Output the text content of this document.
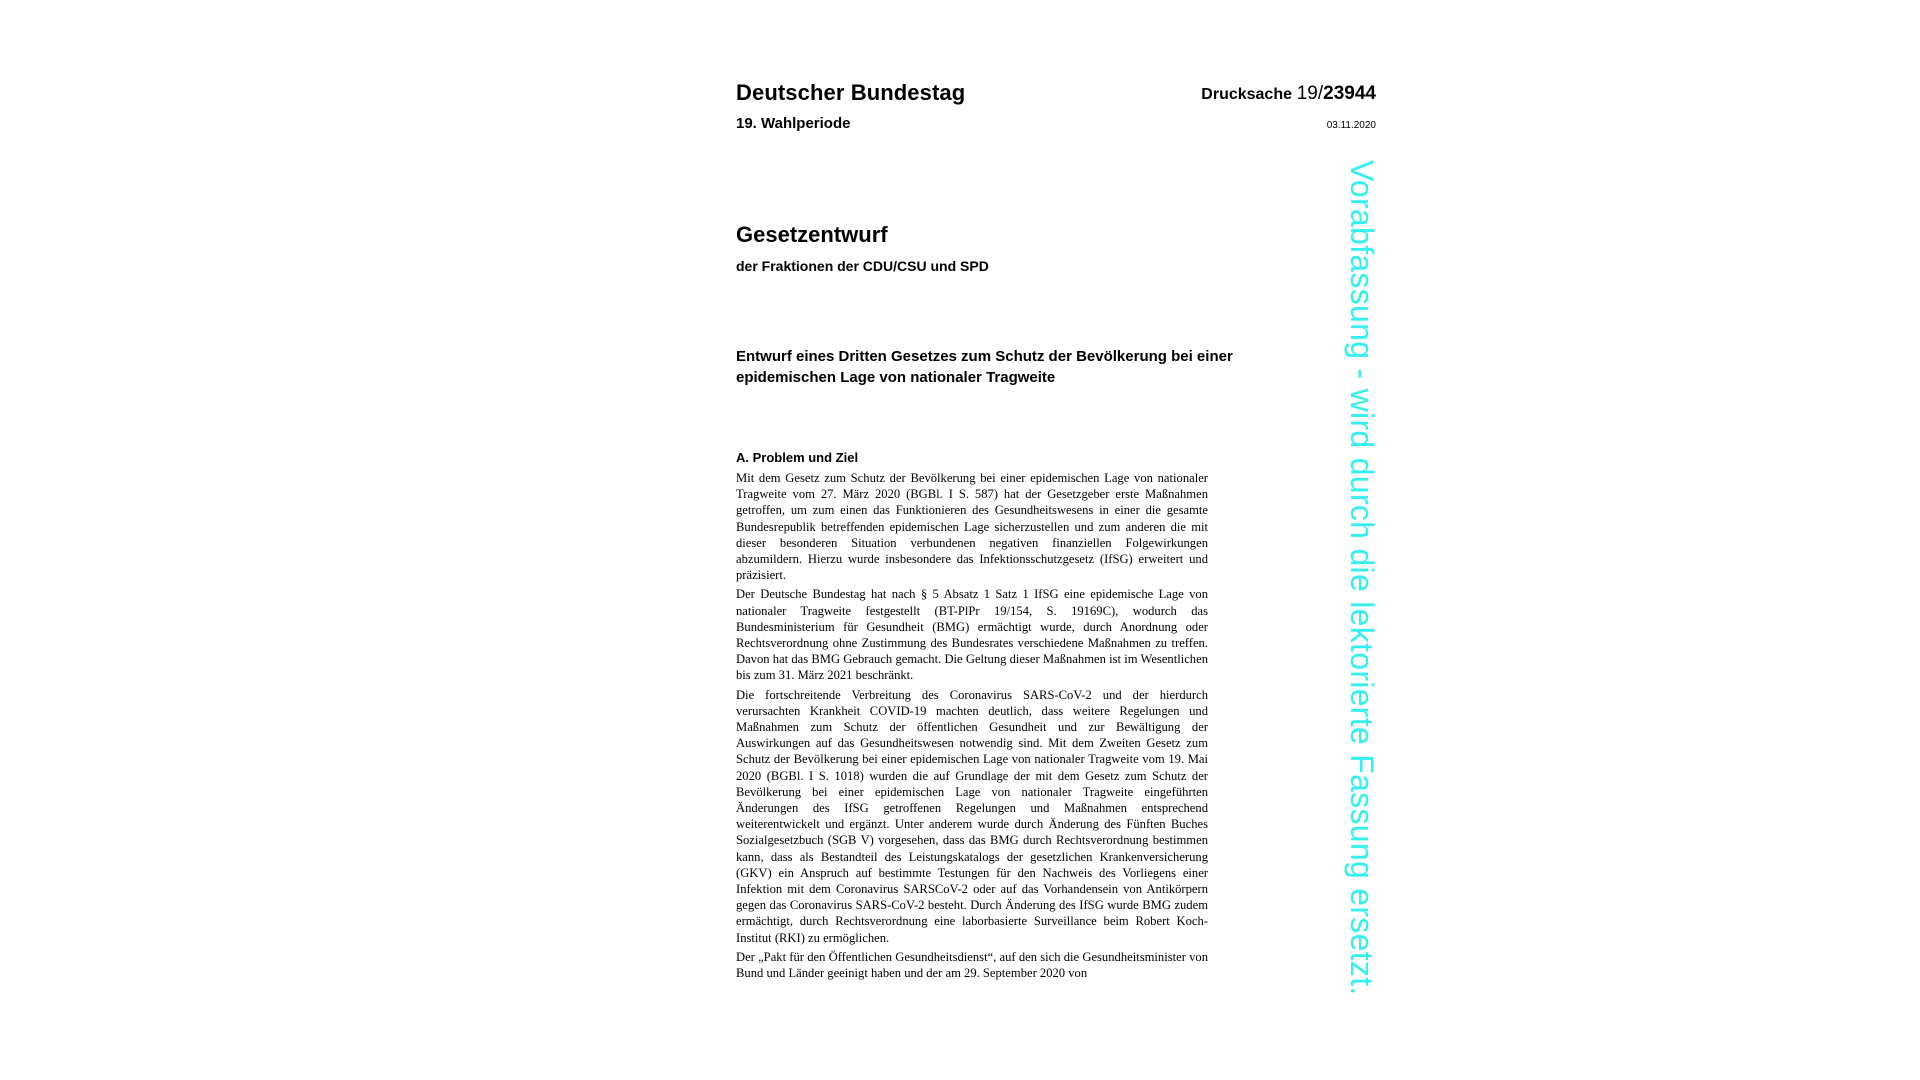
Deutscher Bundestag	Drucksache 19/23944
19. Wahlperiode	03.11.2020
Gesetzentwurf
der Fraktionen der CDU/CSU und SPD
Entwurf eines Dritten Gesetzes zum Schutz der Bevölkerung bei einer epidemischen Lage von nationaler Tragweite
A. Problem und Ziel

Mit dem Gesetz zum Schutz der Bevölkerung bei einer epidemischen Lage von nationaler Tragweite vom 27. März 2020 (BGBl. I S. 587) hat der Gesetzgeber erste Maßnahmen getroffen, um zum einen das Funktionieren des Gesundheitswesens in einer die gesamte Bundesrepublik betreffenden epidemischen Lage sicherzustellen und zum anderen die mit dieser besonderen Situation verbundenen negativen finanziellen Folgewirkungen abzumildern. Hierzu wurde insbesondere das Infektionsschutzgesetz (IfSG) erweitert und präzisiert.

Der Deutsche Bundestag hat nach § 5 Absatz 1 Satz 1 IfSG eine epidemische Lage von nationaler Tragweite festgestellt (BT-PlPr 19/154, S. 19169C), wodurch das Bundesministerium für Gesundheit (BMG) ermächtigt wurde, durch Anordnung oder Rechtsverordnung ohne Zustimmung des Bundesrates verschiedene Maßnahmen zu treffen. Davon hat das BMG Gebrauch gemacht. Die Geltung dieser Maßnahmen ist im Wesentlichen bis zum 31. März 2021 beschränkt.

Die fortschreitende Verbreitung des Coronavirus SARS-CoV-2 und der hierdurch verursachten Krankheit COVID-19 machten deutlich, dass weitere Regelungen und Maßnahmen zum Schutz der öffentlichen Gesundheit und zur Bewältigung der Auswirkungen auf das Gesundheitswesen notwendig sind. Mit dem Zweiten Gesetz zum Schutz der Bevölkerung bei einer epidemischen Lage von nationaler Tragweite vom 19. Mai 2020 (BGBl. I S. 1018) wurden die auf Grundlage der mit dem Gesetz zum Schutz der Bevölkerung bei einer epidemischen Lage von nationaler Tragweite eingeführten Änderungen des IfSG getroffenen Regelungen und Maßnahmen entsprechend weiterentwickelt und ergänzt. Unter anderem wurde durch Änderung des Fünften Buches Sozialgesetzbuch (SGB V) vorgesehen, dass das BMG durch Rechtsverordnung bestimmen kann, dass als Bestandteil des Leistungskatalogs der gesetzlichen Krankenversicherung (GKV) ein Anspruch auf bestimmte Testungen für den Nachweis des Vorliegens einer Infektion mit dem Coronavirus SARSCoV-2 oder auf das Vorhandensein von Antikörpern gegen das Coronavirus SARS-CoV-2 besteht. Durch Änderung des IfSG wurde BMG zudem ermächtigt, durch Rechtsverordnung eine laborbasierte Surveillance beim Robert Koch-Institut (RKI) zu ermöglichen.

Der „Pakt für den Öffentlichen Gesundheitsdienst“, auf den sich die Gesundheitsminister von Bund und Länder geeinigt haben und der am 29. September 2020 von	Vorabfassung - wird durch die lektorierte Fassung ersetzt.
